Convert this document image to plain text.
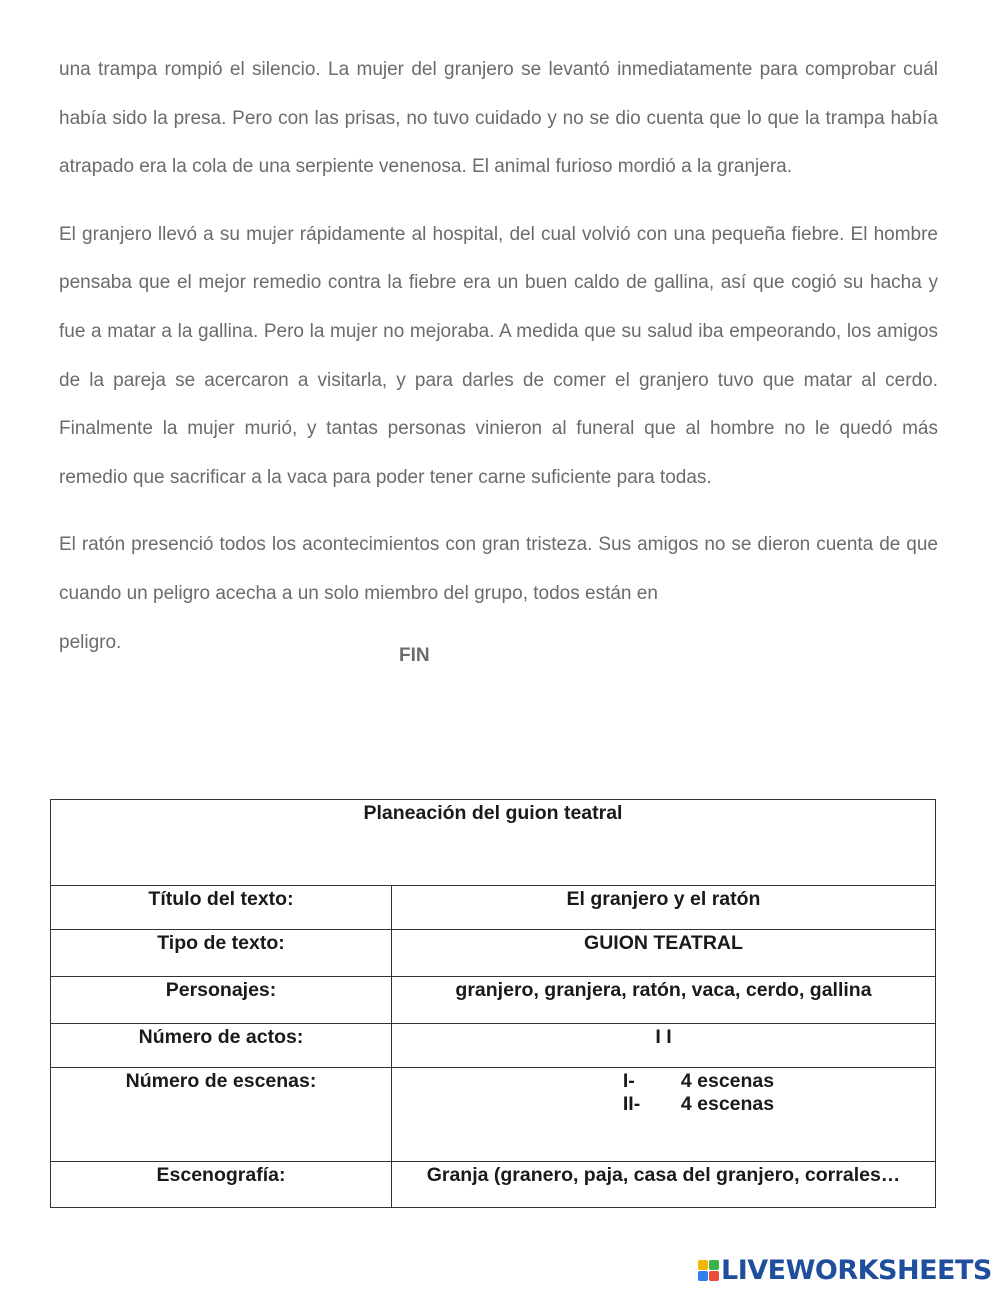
una trampa rompió el silencio. La mujer del granjero se levantó inmediatamente para comprobar cuál había sido la presa. Pero con las prisas, no tuvo cuidado y no se dio cuenta que lo que la trampa había atrapado era la cola de una serpiente venenosa. El animal furioso mordió a la granjera.

El granjero llevó a su mujer rápidamente al hospital, del cual volvió con una pequeña fiebre. El hombre pensaba que el mejor remedio contra la fiebre era un buen caldo de gallina, así que cogió su hacha y fue a matar a la gallina. Pero la mujer no mejoraba. A medida que su salud iba empeorando, los amigos de la pareja se acercaron a visitarla, y para darles de comer el granjero tuvo que matar al cerdo. Finalmente la mujer murió, y tantas personas vinieron al funeral que al hombre no le quedó más remedio que sacrificar a la vaca para poder tener carne suficiente para todas.

El ratón presenció todos los acontecimientos con gran tristeza. Sus amigos no se dieron cuenta de que cuando un peligro acecha a un solo miembro del grupo, todos están en
peligro.
FIN

Planeación del guion teatral	
Título del texto:	El granjero y el ratón
Tipo de texto:	GUION TEATRAL
Personajes:	granjero, granjera, ratón, vaca, cerdo, gallina
Número de actos:	I I
Número de escenas:	I- 4 escenas
II- 4 escenas

Escenografía:	Granja (granero, paja, casa del granjero, corrales…
LIVEWORKSHEETS
